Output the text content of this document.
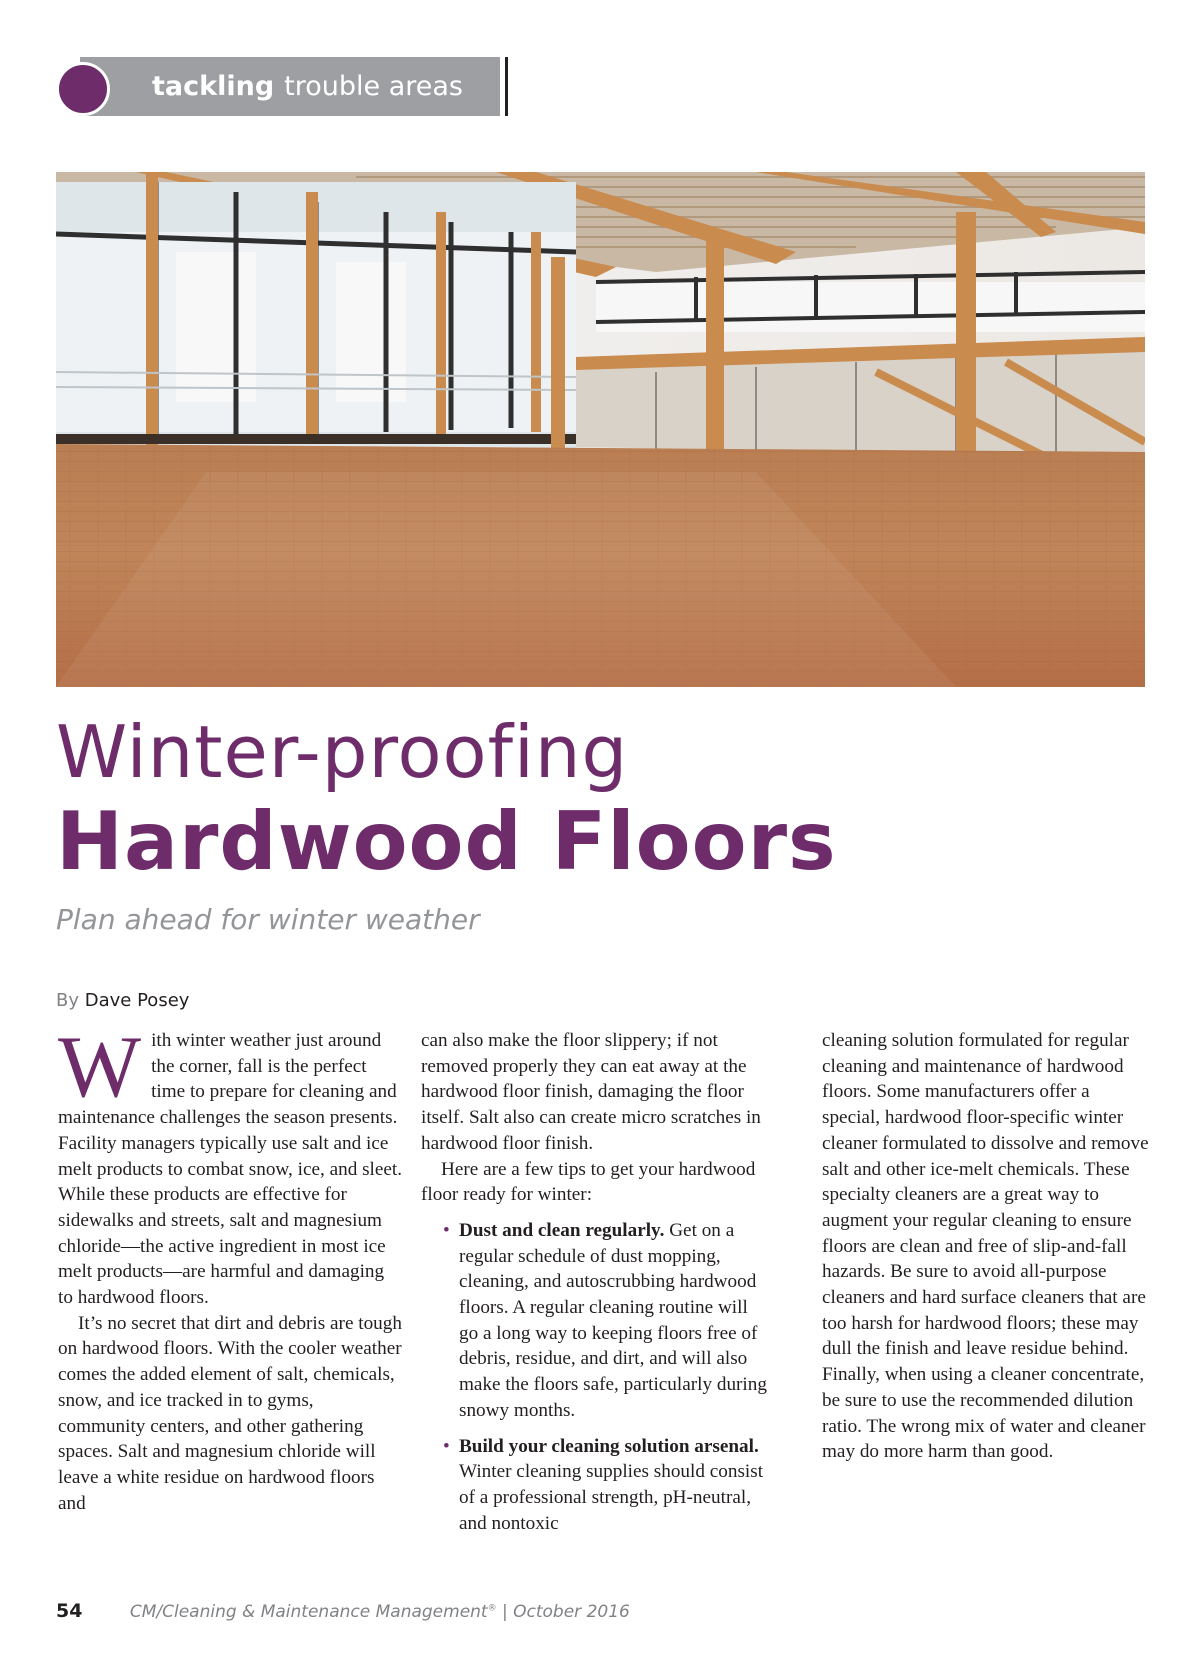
tackling trouble areas
Winter-proofing
Hardwood Floors
Plan ahead for winter weather
By Dave Posey

With winter weather just around the corner, fall is the perfect time to prepare for cleaning and maintenance challenges the season presents. Facility managers typically use salt and ice melt products to combat snow, ice, and sleet. While these products are effective for sidewalks and streets, salt and magnesium chloride—the active ingredient in most ice melt products—are harmful and damaging to hardwood floors.

It’s no secret that dirt and debris are tough on hardwood floors. With the cooler weather comes the added element of salt, chemicals, snow, and ice tracked in to gyms, community centers, and other gathering spaces. Salt and magnesium chloride will leave a white residue on hardwood floors and

can also make the floor slippery; if not removed properly they can eat away at the hardwood floor finish, damaging the floor itself. Salt also can create micro scratches in hardwood floor finish.

Here are a few tips to get your hardwood floor ready for winter:

• Dust and clean regularly. Get on a regular schedule of dust mopping, cleaning, and autoscrubbing hardwood floors. A regular cleaning routine will go a long way to keeping floors free of debris, residue, and dirt, and will also make the floors safe, particularly during snowy months.
• Build your cleaning solution arsenal. Winter cleaning supplies should consist of a professional strength, pH-neutral, and nontoxic

cleaning solution formulated for regular cleaning and maintenance of hardwood floors. Some manufacturers offer a special, hardwood floor-specific winter cleaner formulated to dissolve and remove salt and other ice-melt chemicals. These specialty cleaners are a great way to augment your regular cleaning to ensure floors are clean and free of slip-and-fall hazards. Be sure to avoid all-purpose cleaners and hard surface cleaners that are too harsh for hardwood floors; these may dull the finish and leave residue behind. Finally, when using a cleaner concentrate, be sure to use the recommended dilution ratio. The wrong mix of water and cleaner may do more harm than good.

54	CM/Cleaning & Maintenance Management® | October 2016
